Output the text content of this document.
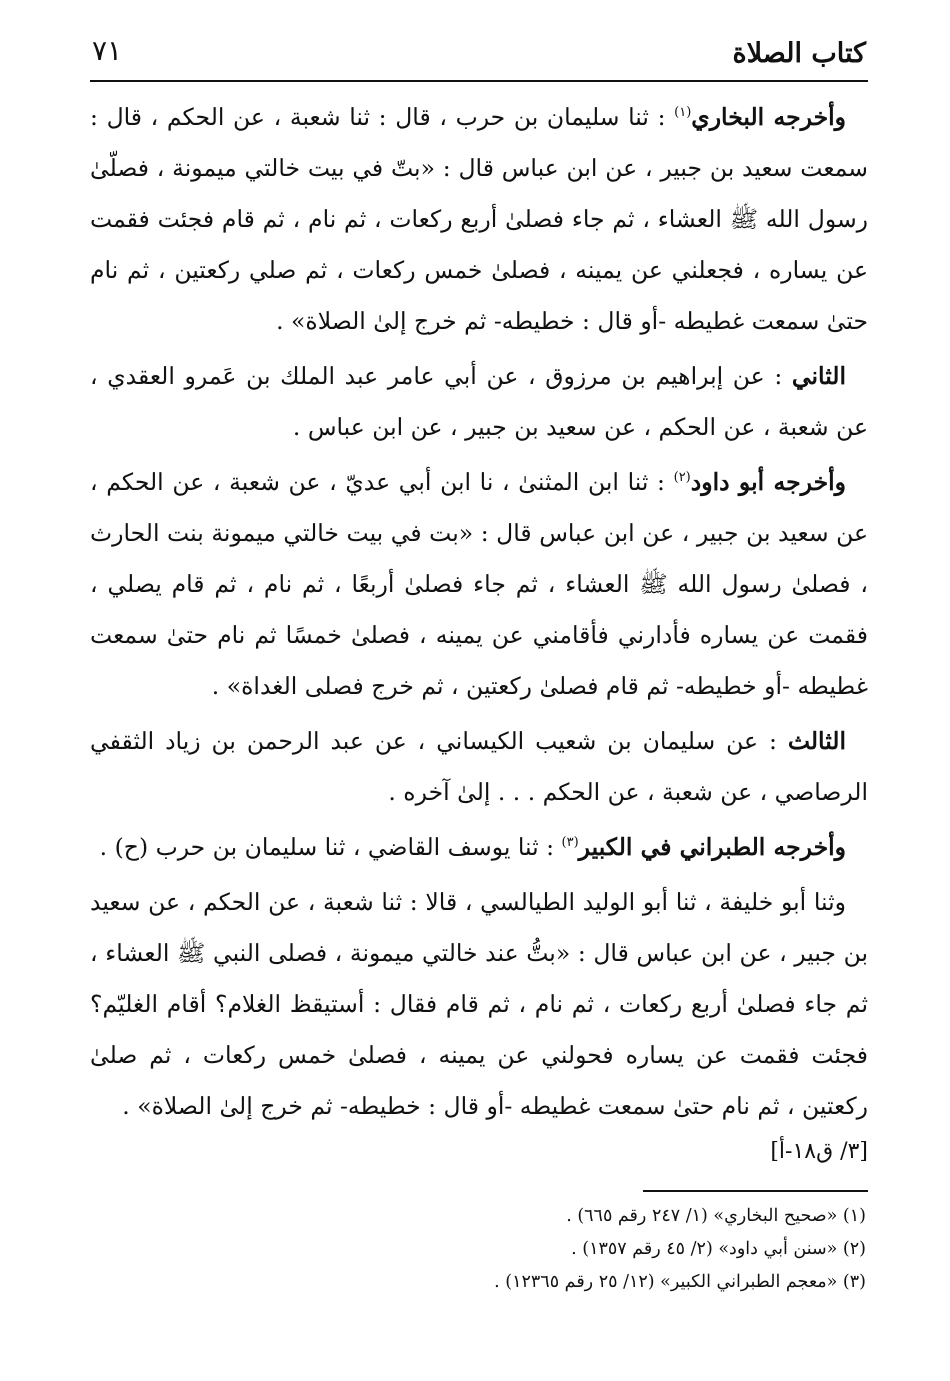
كتاب الصلاة
٧١

وأخرجه البخاري$^{(١)}$ : ثنا سليمان بن حرب ، قال : ثنا شعبة ، عن الحكم ، قال : سمعت سعيد بن جبير ، عن ابن عباس قال : «بتّ في بيت خالتي ميمونة ، فصلّىٰ رسول الله ﷺ العشاء ، ثم جاء فصلىٰ أربع ركعات ، ثم نام ، ثم قام فجئت فقمت عن يساره ، فجعلني عن يمينه ، فصلىٰ خمس ركعات ، ثم صلي ركعتين ، ثم نام حتىٰ سمعت غطيطه -أو قال : خطيطه- ثم خرج إلىٰ الصلاة» .

الثاني : عن إبراهيم بن مرزوق ، عن أبي عامر عبد الملك بن عَمرو العقدي ، عن شعبة ، عن الحكم ، عن سعيد بن جبير ، عن ابن عباس .

وأخرجه أبو داود$^{(٢)}$ : ثنا ابن المثنىٰ ، نا ابن أبي عديّ ، عن شعبة ، عن الحكم ، عن سعيد بن جبير ، عن ابن عباس قال : «بت في بيت خالتي ميمونة بنت الحارث ، فصلىٰ رسول الله ﷺ العشاء ، ثم جاء فصلىٰ أربعًا ، ثم نام ، ثم قام يصلي ، فقمت عن يساره فأدارني فأقامني عن يمينه ، فصلىٰ خمسًا ثم نام حتىٰ سمعت غطيطه -أو خطيطه- ثم قام فصلىٰ ركعتين ، ثم خرج فصلى الغداة» .

الثالث : عن سليمان بن شعيب الكيساني ، عن عبد الرحمن بن زياد الثقفي الرصاصي ، عن شعبة ، عن الحكم . . . إلىٰ آخره .

وأخرجه الطبراني في الكبير$^{(٣)}$ : ثنا يوسف القاضي ، ثنا سليمان بن حرب (ح) .

وثنا أبو خليفة ، ثنا أبو الوليد الطيالسي ، قالا : ثنا شعبة ، عن الحكم ، عن سعيد بن جبير ، عن ابن عباس قال : «بتُّ عند خالتي ميمونة ، فصلى النبي ﷺ العشاء ، ثم جاء فصلىٰ أربع ركعات ، ثم نام ، ثم قام فقال : أستيقظ الغلام؟ أقام الغليّم؟ فجئت فقمت عن يساره فحولني عن يمينه ، فصلىٰ خمس ركعات ، ثم صلىٰ ركعتين ، ثم نام حتىٰ سمعت غطيطه -أو قال : خطيطه- ثم خرج إلىٰ الصلاة» .

[٣/ ق١٨-أ]

(١) «صحيح البخاري» (١/ ٢٤٧ رقم ٦٦٥) .

(٢) «سنن أبي داود» (٢/ ٤٥ رقم ١٣٥٧) .

(٣) «معجم الطبراني الكبير» (١٢/ ٢٥ رقم ١٢٣٦٥) .
